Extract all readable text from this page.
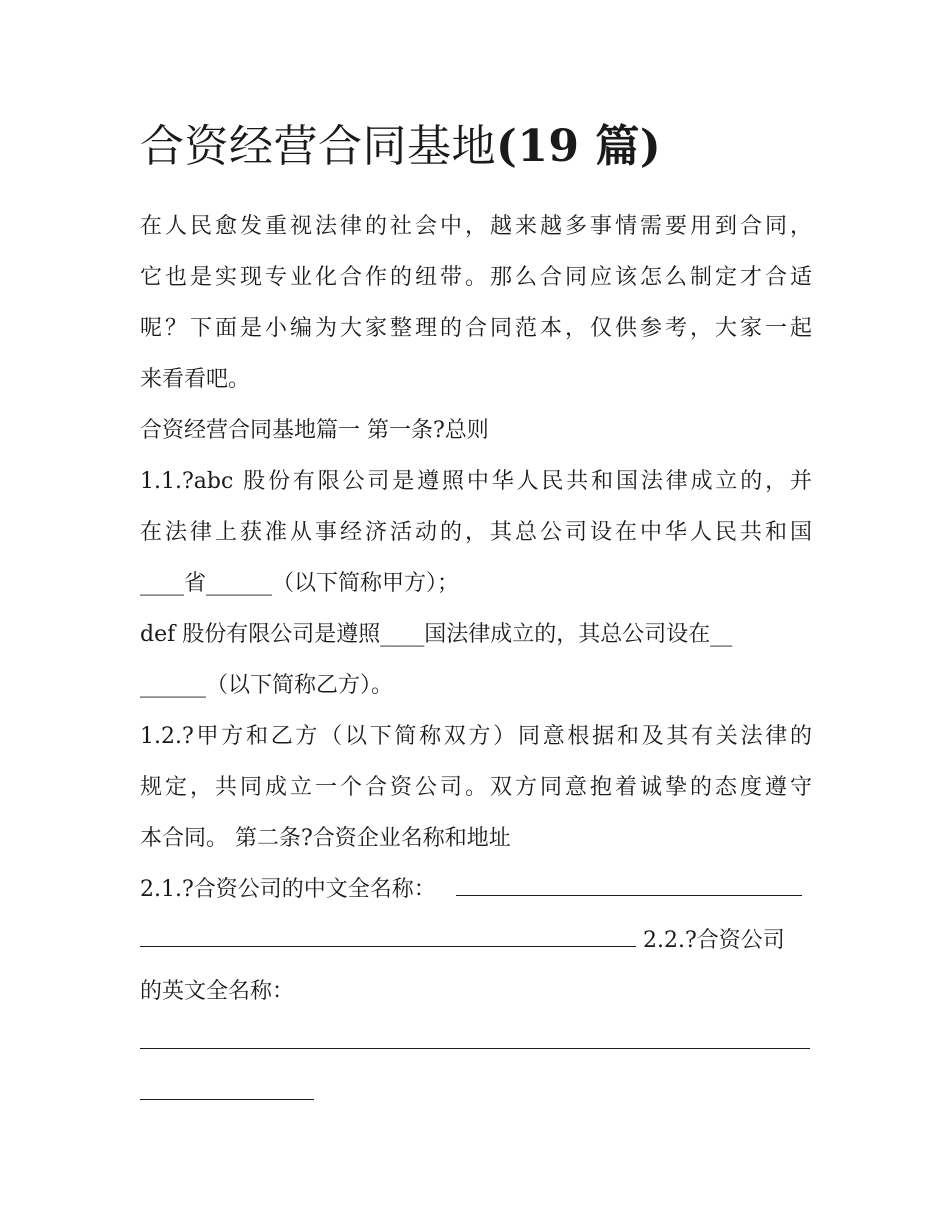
合资经营合同基地(19 篇)
在人民愈发重视法律的社会中，越来越多事情需要用到合同，
它也是实现专业化合作的纽带。那么合同应该怎么制定才合适
呢？下面是小编为大家整理的合同范本，仅供参考，大家一起
来看看吧。
合资经营合同基地篇一 第一条?总则
1.1.?abc 股份有限公司是遵照中华人民共和国法律成立的，并
在法律上获准从事经济活动的，其总公司设在中华人民共和国
____省______（以下简称甲方）；
def 股份有限公司是遵照____国法律成立的，其总公司设在__
______（以下简称乙方）。
1.2.?甲方和乙方（以下简称双方）同意根据和及其有关法律的
规定，共同成立一个合资公司。双方同意抱着诚挚的态度遵守
本合同。 第二条?合资企业名称和地址
2.1.?合资公司的中文全名称：
2.2.?合资公司
的英文全名称：
